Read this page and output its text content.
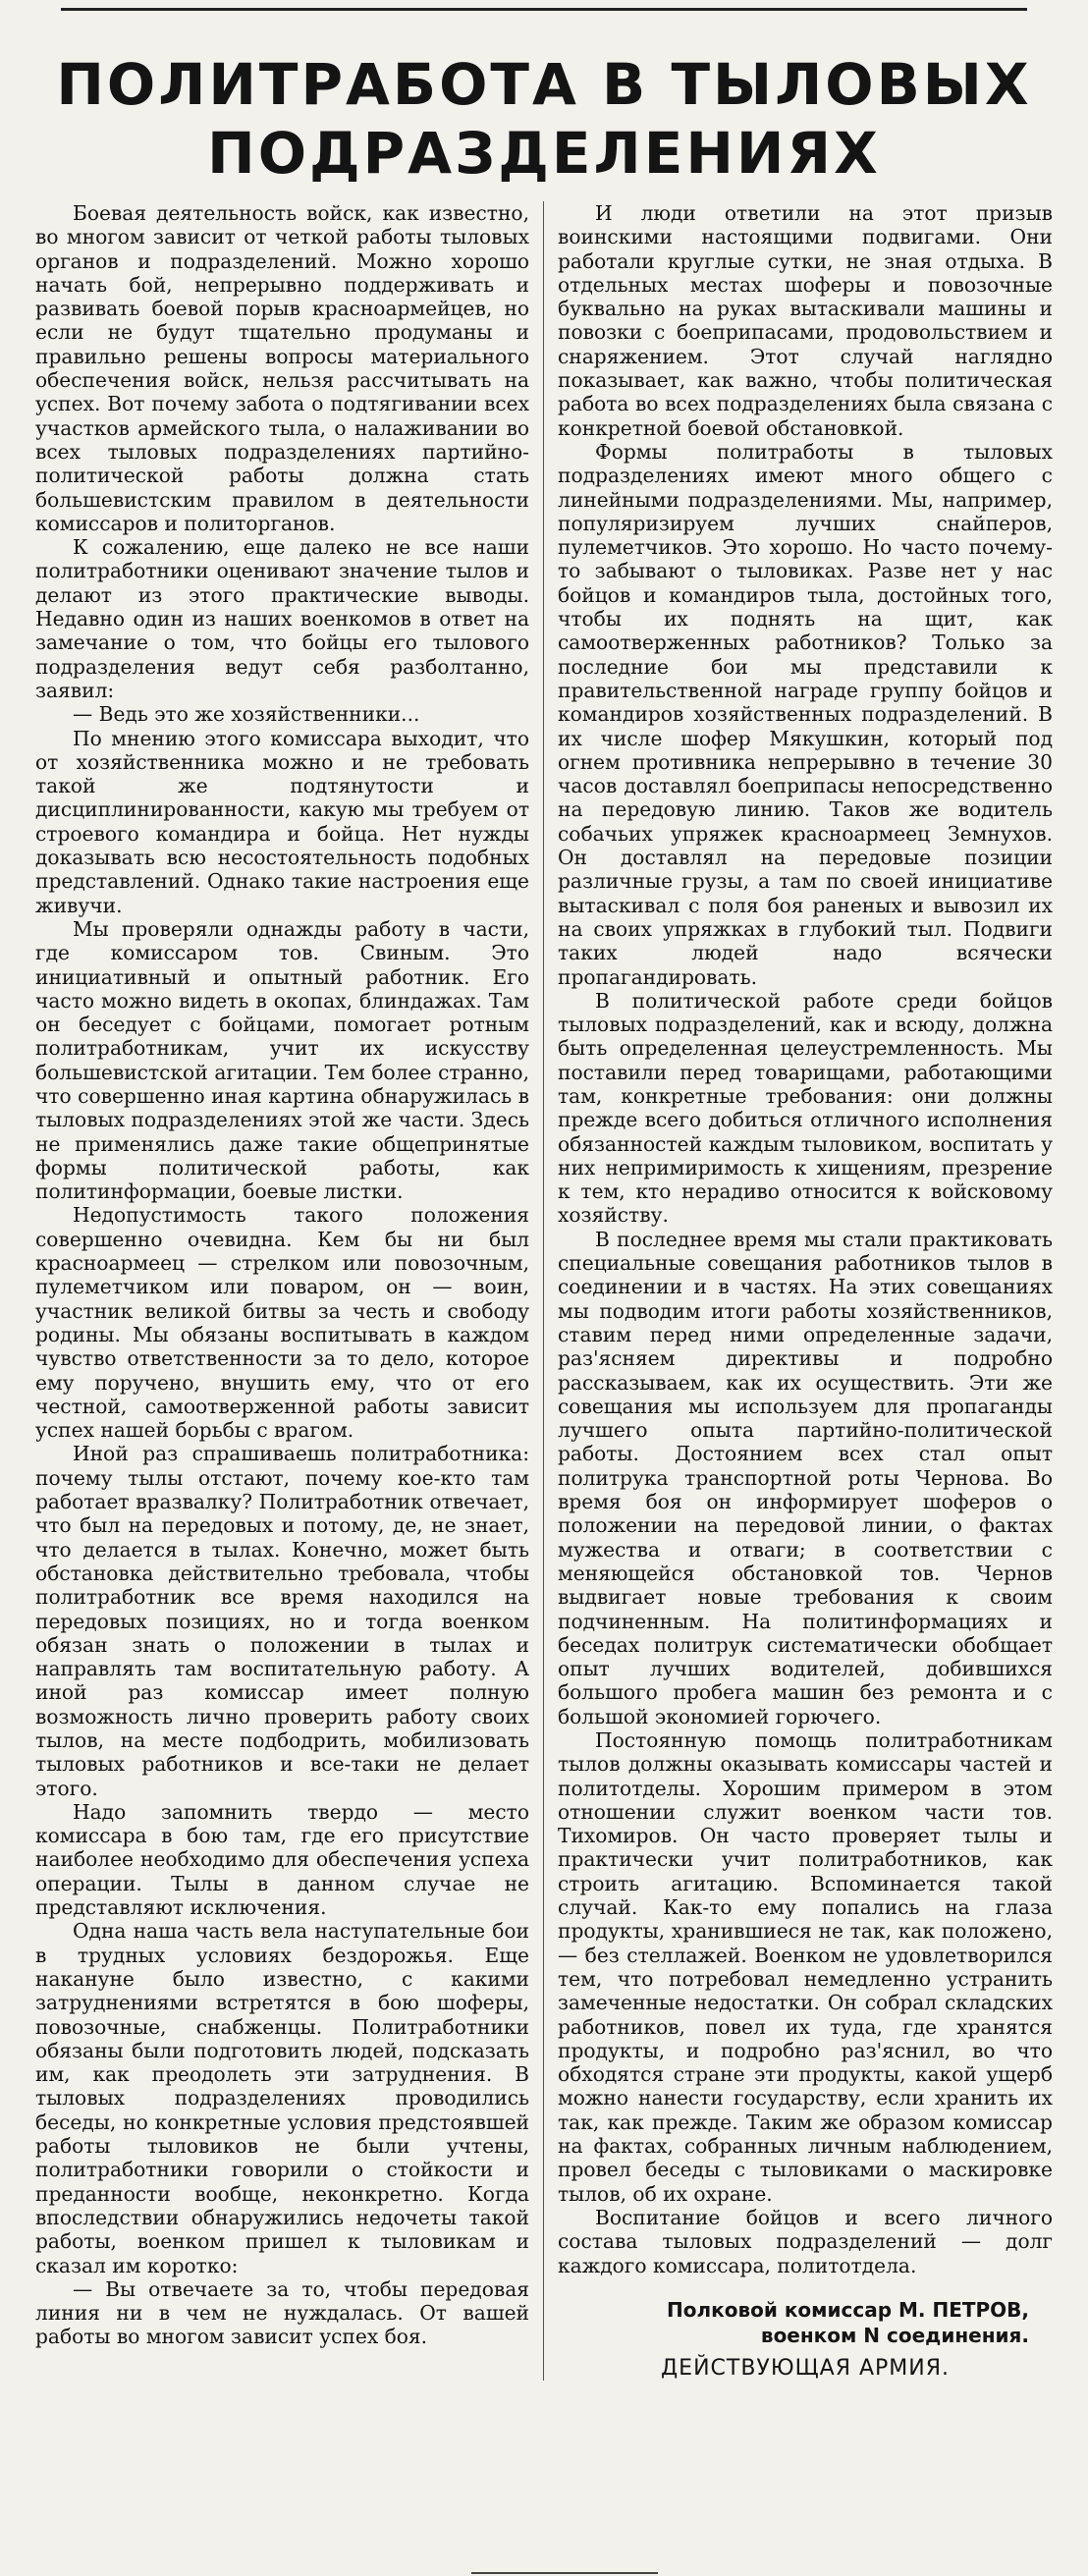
ПОЛИТРАБОТА В ТЫЛОВЫХ
ПОДРАЗДЕЛЕНИЯХ

Боевая деятельность войск, как известно, во многом зависит от четкой работы тыловых органов и подразделений. Можно хорошо начать бой, непрерывно поддерживать и развивать боевой порыв красноармейцев, но если не будут тщательно продуманы и правильно решены вопросы материального обеспечения войск, нельзя рассчитывать на успех. Вот почему забота о подтягивании всех участков армейского тыла, о налаживании во всех тыловых подразделениях партийно-политической работы должна стать большевистским правилом в деятельности комиссаров и политорганов.

К сожалению, еще далеко не все наши политработники оценивают значение тылов и делают из этого практические выводы. Недавно один из наших военкомов в ответ на замечание о том, что бойцы его тылового подразделения ведут себя разболтанно, заявил:

— Ведь это же хозяйственники...

По мнению этого комиссара выходит, что от хозяйственника можно и не требовать такой же подтянутости и дисциплинированности, какую мы требуем от строевого командира и бойца. Нет нужды доказывать всю несостоятельность подобных представлений. Однако такие настроения еще живучи.

Мы проверяли однажды работу в части, где комиссаром тов. Свиным. Это инициативный и опытный работник. Его часто можно видеть в окопах, блиндажах. Там он беседует с бойцами, помогает ротным политработникам, учит их искусству большевистской агитации. Тем более странно, что совершенно иная картина обнаружилась в тыловых подразделениях этой же части. Здесь не применялись даже такие общепринятые формы политической работы, как политинформации, боевые листки.

Недопустимость такого положения совершенно очевидна. Кем бы ни был красноармеец — стрелком или повозочным, пулеметчиком или поваром, он — воин, участник великой битвы за честь и свободу родины. Мы обязаны воспитывать в каждом чувство ответственности за то дело, которое ему поручено, внушить ему, что от его честной, самоотверженной работы зависит успех нашей борьбы с врагом.

Иной раз спрашиваешь политработника: почему тылы отстают, почему кое-кто там работает вразвалку? Политработник отвечает, что был на передовых и потому, де, не знает, что делается в тылах. Конечно, может быть обстановка действительно требовала, чтобы политработник все время находился на передовых позициях, но и тогда военком обязан знать о положении в тылах и направлять там воспитательную работу. А иной раз комиссар имеет полную возможность лично проверить работу своих тылов, на месте подбодрить, мобилизовать тыловых работников и все-таки не делает этого.

Надо запомнить твердо — место комиссара в бою там, где его присутствие наиболее необходимо для обеспечения успеха операции. Тылы в данном случае не представляют исключения.

Одна наша часть вела наступательные бои в трудных условиях бездорожья. Еще накануне было известно, с какими затруднениями встретятся в бою шоферы, повозочные, снабженцы. Политработники обязаны были подготовить людей, подсказать им, как преодолеть эти затруднения. В тыловых подразделениях проводились беседы, но конкретные условия предстоявшей работы тыловиков не были учтены, политработники говорили о стойкости и преданности вообще, неконкретно. Когда впоследствии обнаружились недочеты такой работы, военком пришел к тыловикам и сказал им коротко:

— Вы отвечаете за то, чтобы передовая линия ни в чем не нуждалась. От вашей работы во многом зависит успех боя.

И люди ответили на этот призыв воинскими настоящими подвигами. Они работали круглые сутки, не зная отдыха. В отдельных местах шоферы и повозочные буквально на руках вытаскивали машины и повозки с боеприпасами, продовольствием и снаряжением. Этот случай наглядно показывает, как важно, чтобы политическая работа во всех подразделениях была связана с конкретной боевой обстановкой.

Формы политработы в тыловых подразделениях имеют много общего с линейными подразделениями. Мы, например, популяризируем лучших снайперов, пулеметчиков. Это хорошо. Но часто почему-то забывают о тыловиках. Разве нет у нас бойцов и командиров тыла, достойных того, чтобы их поднять на щит, как самоотверженных работников? Только за последние бои мы представили к правительственной награде группу бойцов и командиров хозяйственных подразделений. В их числе шофер Мякушкин, который под огнем противника непрерывно в течение 30 часов доставлял боеприпасы непосредственно на передовую линию. Таков же водитель собачьих упряжек красноармеец Земнухов. Он доставлял на передовые позиции различные грузы, а там по своей инициативе вытаскивал с поля боя раненых и вывозил их на своих упряжках в глубокий тыл. Подвиги таких людей надо всячески пропагандировать.

В политической работе среди бойцов тыловых подразделений, как и всюду, должна быть определенная целеустремленность. Мы поставили перед товарищами, работающими там, конкретные требования: они должны прежде всего добиться отличного исполнения обязанностей каждым тыловиком, воспитать у них непримиримость к хищениям, презрение к тем, кто нерадиво относится к войсковому хозяйству.

В последнее время мы стали практиковать специальные совещания работников тылов в соединении и в частях. На этих совещаниях мы подводим итоги работы хозяйственников, ставим перед ними определенные задачи, раз'ясняем директивы и подробно рассказываем, как их осуществить. Эти же совещания мы используем для пропаганды лучшего опыта партийно-политической работы. Достоянием всех стал опыт политрука транспортной роты Чернова. Во время боя он информирует шоферов о положении на передовой линии, о фактах мужества и отваги; в соответствии с меняющейся обстановкой тов. Чернов выдвигает новые требования к своим подчиненным. На политинформациях и беседах политрук систематически обобщает опыт лучших водителей, добившихся большого пробега машин без ремонта и с большой экономией горючего.

Постоянную помощь политработникам тылов должны оказывать комиссары частей и политотделы. Хорошим примером в этом отношении служит военком части тов. Тихомиров. Он часто проверяет тылы и практически учит политработников, как строить агитацию. Вспоминается такой случай. Как-то ему попались на глаза продукты, хранившиеся не так, как положено, — без стеллажей. Военком не удовлетворился тем, что потребовал немедленно устранить замеченные недостатки. Он собрал складских работников, повел их туда, где хранятся продукты, и подробно раз'яснил, во что обходятся стране эти продукты, какой ущерб можно нанести государству, если хранить их так, как прежде. Таким же образом комиссар на фактах, собранных личным наблюдением, провел беседы с тыловиками о маскировке тылов, об их охране.

Воспитание бойцов и всего личного состава тыловых подразделений — долг каждого комиссара, политотдела.

Полковой комиссар М. ПЕТРОВ,
военком N соединения.
ДЕЙСТВУЮЩАЯ АРМИЯ.
